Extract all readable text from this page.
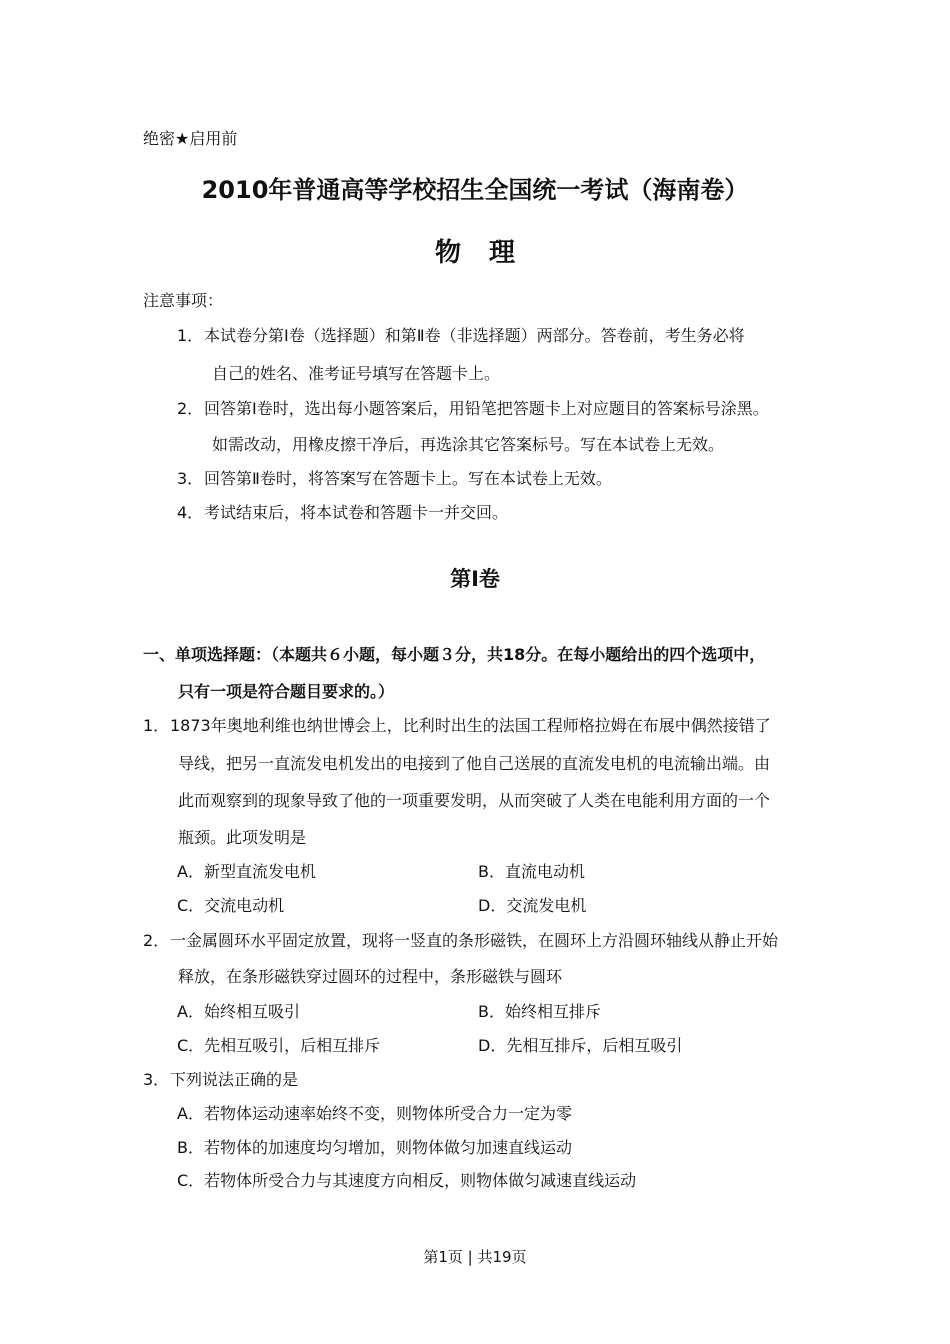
绝密★启用前
2010年普通高等学校招生全国统一考试（海南卷）
物理
注意事项：
1． 本试卷分第Ⅰ卷（选择题）和第Ⅱ卷（非选择题）两部分。答卷前，考生务必将
自己的姓名、准考证号填写在答题卡上。
2． 回答第Ⅰ卷时，选出每小题答案后，用铅笔把答题卡上对应题目的答案标号涂黑。
如需改动，用橡皮擦干净后，再选涂其它答案标号。写在本试卷上无效。
3． 回答第Ⅱ卷时，将答案写在答题卡上。写在本试卷上无效。
4． 考试结束后，将本试卷和答题卡一并交回。
第Ⅰ卷
一、单项选择题：（本题共６小题，每小题３分，共18分。在每小题给出的四个选项中，
只有一项是符合题目要求的。）
1． 1873年奥地利维也纳世博会上，比利时出生的法国工程师格拉姆在布展中偶然接错了
导线，把另一直流发电机发出的电接到了他自己送展的直流发电机的电流输出端。由
此而观察到的现象导致了他的一项重要发明，从而突破了人类在电能利用方面的一个
瓶颈。此项发明是
A．新型直流发电机	B．直流电动机
C．交流电动机	D．交流发电机
2． 一金属圆环水平固定放置，现将一竖直的条形磁铁，在圆环上方沿圆环轴线从静止开始
释放，在条形磁铁穿过圆环的过程中，条形磁铁与圆环
A．始终相互吸引	B．始终相互排斥
C．先相互吸引，后相互排斥	D．先相互排斥，后相互吸引
3． 下列说法正确的是
A．若物体运动速率始终不变，则物体所受合力一定为零
B．若物体的加速度均匀增加，则物体做匀加速直线运动
C．若物体所受合力与其速度方向相反，则物体做匀减速直线运动
第1页 | 共19页
